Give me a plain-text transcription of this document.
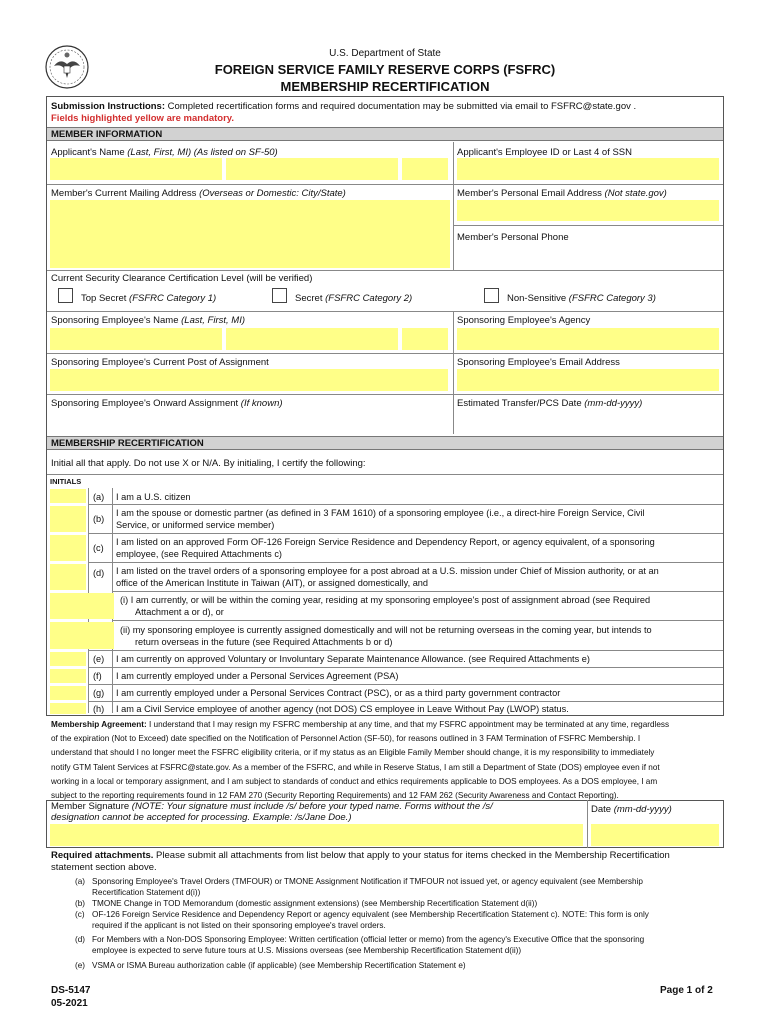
U.S. Department of State
FOREIGN SERVICE FAMILY RESERVE CORPS (FSFRC)
MEMBERSHIP RECERTIFICATION
Submission Instructions: Completed recertification forms and required documentation may be submitted via email to FSFRC@state.gov .
Fields highlighted yellow are mandatory.
MEMBER INFORMATION
Applicant's Name (Last, First, MI) (As listed on SF-50)	Applicant's Employee ID or Last 4 of SSN
Member's Current Mailing Address (Overseas or Domestic: City/State)	Member's Personal Email Address (Not state.gov)
Member's Personal Phone
Current Security Clearance Certification Level (will be verified)
Top Secret (FSFRC Category 1)	Secret (FSFRC Category 2)	Non-Sensitive (FSFRC Category 3)
Sponsoring Employee's Name (Last, First, MI)	Sponsoring Employee's Agency
Sponsoring Employee's Current Post of Assignment	Sponsoring Employee's Email Address
Sponsoring Employee's Onward Assignment (If known)	Estimated Transfer/PCS Date (mm-dd-yyyy)
MEMBERSHIP RECERTIFICATION
Initial all that apply. Do not use X or N/A. By initialing, I certify the following:
INITIALS
(a) I am a U.S. citizen
(b)
I am the spouse or domestic partner (as defined in 3 FAM 1610) of a sponsoring employee (i.e., a direct-hire Foreign Service, Civil
Service, or uniformed service member)
(c)
I am listed on an approved Form OF-126 Foreign Service Residence and Dependency Report, or agency equivalent, of a sponsoring
employee, (see Required Attachments c)
(d) I am listed on the travel orders of a sponsoring employee for a post abroad at a U.S. mission under Chief of Mission authority, or at an
office of the American Institute in Taiwan (AIT), or assigned domestically, and
(i) I am currently, or will be within the coming year, residing at my sponsoring employee's post of assignment abroad (see Required
Attachment a or d), or
(ii) my sponsoring employee is currently assigned domestically and will not be returning overseas in the coming year, but intends to
return overseas in the future (see Required Attachments b or d)
(e) I am currently on approved Voluntary or Involuntary Separate Maintenance Allowance. (see Required Attachments e)
(f) I am currently employed under a Personal Services Agreement (PSA)
(g) I am currently employed under a Personal Services Contract (PSC), or as a third party government contractor
(h) I am a Civil Service employee of another agency (not DOS) CS employee in Leave Without Pay (LWOP) status.
Membership Agreement: I understand that I may resign my FSFRC membership at any time, and that my FSFRC appointment may be terminated at any time, regardless
of the expiration (Not to Exceed) date specified on the Notification of Personnel Action (SF-50), for reasons outlined in 3 FAM Termination of FSFRC Membership. I
understand that should I no longer meet the FSFRC eligibility criteria, or if my status as an Eligible Family Member should change, it is my responsibility to immediately
notify GTM Talent Services at FSFRC@state.gov. As a member of the FSFRC, and while in Reserve Status, I am still a Department of State (DOS) employee even if not
working in a local or temporary assignment, and I am subject to standards of conduct and ethics requirements applicable to DOS employees. As a DOS employee, I am
subject to the reporting requirements found in 12 FAM 270 (Security Reporting Requirements) and 12 FAM 262 (Security Awareness and Contact Reporting).
Member Signature (NOTE: Your signature must include /s/ before your typed name. Forms without the /s/
designation cannot be accepted for processing. Example: /s/Jane Doe.)
Date (mm-dd-yyyy)
Required attachments. Please submit all attachments from list below that apply to your status for items checked in the Membership Recertification
statement section above.
(a) Sponsoring Employee's Travel Orders (TMFOUR) or TMONE Assignment Notification if TMFOUR not issued yet, or agency equivalent (see Membership
Recertification Statement d(i))
(b) TMONE Change in TOD Memorandum (domestic assignment extensions) (see Membership Recertification Statement d(ii))
(c) OF-126 Foreign Service Residence and Dependency Report or agency equivalent (see Membership Recertification Statement c). NOTE: This form is only
required if the applicant is not listed on their sponsoring employee's travel orders.
(d) For Members with a Non-DOS Sponsoring Employee: Written certification (official letter or memo) from the agency's Executive Office that the sponsoring
employee is expected to serve future tours at U.S. Missions overseas (see Membership Recertification Statement d(ii))
(e) VSMA or ISMA Bureau authorization cable (if applicable) (see Membership Recertification Statement e)
DS-5147
05-2021
Page 1 of 2
